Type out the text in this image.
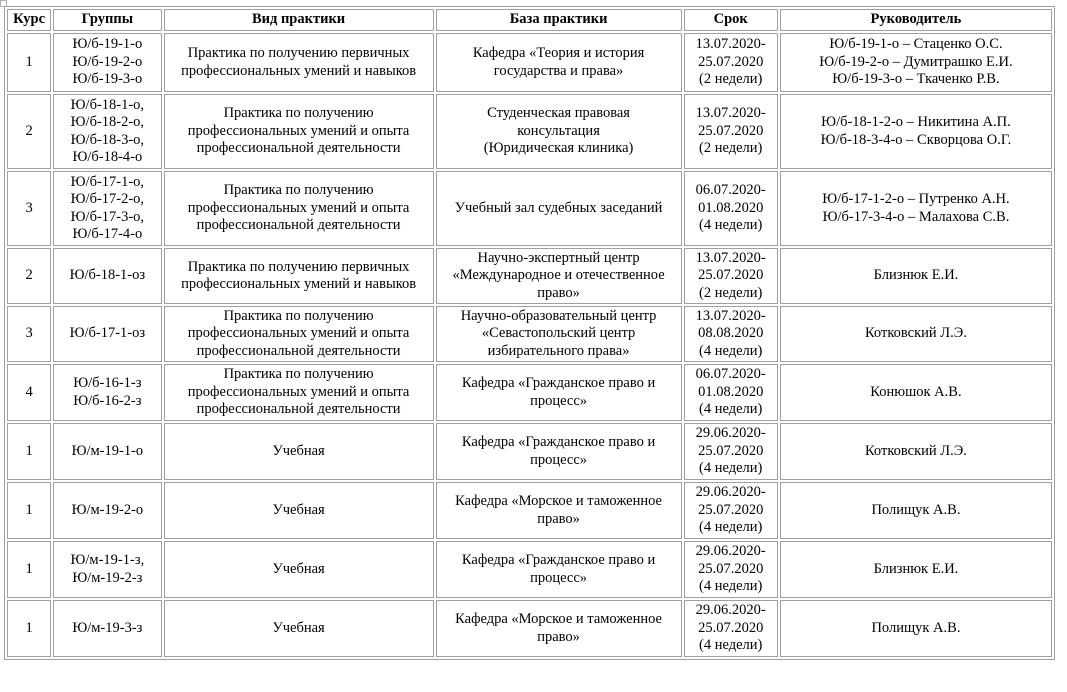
Курс	Группы	Вид практики	База практики	Срок	Руководитель
1	Ю/б-19-1-о
Ю/б-19-2-о
Ю/б-19-3-о	Практика по получению первичных
профессиональных умений и навыков	Кафедра «Теория и история
государства и права»	13.07.2020-
25.07.2020
(2 недели)	Ю/б-19-1-о – Стаценко О.С.
Ю/б-19-2-о – Думитрашко Е.И.
Ю/б-19-3-о – Ткаченко Р.В.

2	Ю/б-18-1-о,
Ю/б-18-2-о,
Ю/б-18-3-о,
Ю/б-18-4-о	Практика по получению
профессиональных умений и опыта
профессиональной деятельности	Студенческая правовая
консультация
(Юридическая клиника)	13.07.2020-
25.07.2020
(2 недели)	Ю/б-18-1-2-о – Никитина А.П.
Ю/б-18-3-4-о – Скворцова О.Г.

3	Ю/б-17-1-о,
Ю/б-17-2-о,
Ю/б-17-3-о,
Ю/б-17-4-о	Практика по получению
профессиональных умений и опыта
профессиональной деятельности	Учебный зал судебных заседаний	06.07.2020-
01.08.2020
(4 недели)	Ю/б-17-1-2-о – Путренко А.Н.
Ю/б-17-3-4-о – Малахова С.В.

2	Ю/б-18-1-оз	Практика по получению первичных
профессиональных умений и навыков	Научно-экспертный центр
«Международное и отечественное
право»	13.07.2020-
25.07.2020
(2 недели)	Близнюк Е.И.

3	Ю/б-17-1-оз	Практика по получению
профессиональных умений и опыта
профессиональной деятельности	Научно-образовательный центр
«Севастопольский центр
избирательного права»	13.07.2020-
08.08.2020
(4 недели)	Котковский Л.Э.

4	Ю/б-16-1-з
Ю/б-16-2-з	Практика по получению
профессиональных умений и опыта
профессиональной деятельности	Кафедра «Гражданское право и
процесс»	06.07.2020-
01.08.2020
(4 недели)	Конюшок А.В.

1	Ю/м-19-1-о	Учебная	Кафедра «Гражданское право и
процесс»	29.06.2020-
25.07.2020
(4 недели)	Котковский Л.Э.

1	Ю/м-19-2-о	Учебная	Кафедра «Морское и таможенное
право»	29.06.2020-
25.07.2020
(4 недели)	Полищук А.В.

1	Ю/м-19-1-з,
Ю/м-19-2-з	Учебная	Кафедра «Гражданское право и
процесс»	29.06.2020-
25.07.2020
(4 недели)	Близнюк Е.И.

1	Ю/м-19-3-з	Учебная	Кафедра «Морское и таможенное
право»	29.06.2020-
25.07.2020
(4 недели)	Полищук А.В.
